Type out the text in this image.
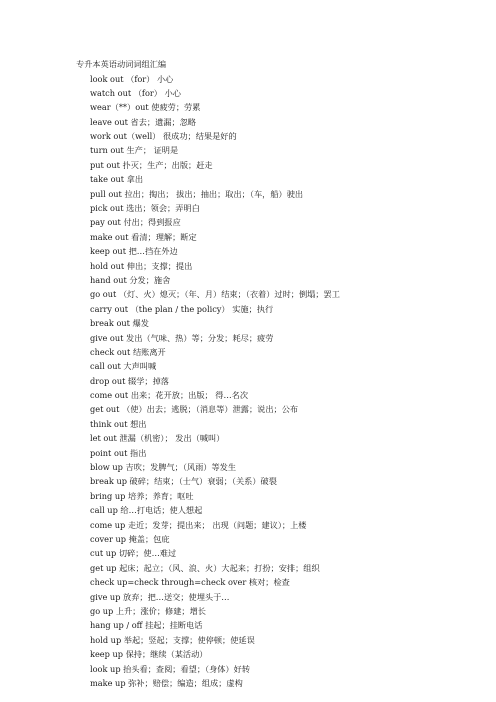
专升本英语动词词组汇编
look out （for） 小心
watch out （for） 小心
wear（**）out 使疲劳；劳累
leave out 省去；遗漏；忽略
work out（well） 很成功；结果是好的
turn out 生产； 证明是
put out 扑灭；生产；出版；赶走
take out 拿出
pull out 拉出；掏出； 拔出；抽出；取出；（车，船）驶出
pick out 选出；领会；弄明白
pay out 付出；得到报应
make out 看清；理解；断定
keep out 把…挡在外边
hold out 伸出；支撑；提出
hand out 分发；施舍
go out （灯、火）熄灭；（年、月）结束；（衣着）过时；倒塌；罢工
carry out （the plan / the policy） 实施；执行
break out 爆发
give out 发出（气味、热）等；分发；耗尽；疲劳
check out 结账离开
call out 大声叫喊
drop out 辍学；掉落
come out 出来；花开放；出版； 得…名次
get out （使）出去；逃脱；（消息等）泄露；说出；公布
think out 想出
let out 泄漏（机密）； 发出（喊叫）
point out 指出
blow up 吉吹；发脾气；（风雨）等发生
break up 破碎；结束；（士气）衰弱；（关系）破裂
bring up 培养；养育；呕吐
call up 给…打电话；使人想起
come up 走近；发芽；提出来； 出现（问题；建议）；上楼
cover up 掩盖；包庇
cut up 切碎；使…难过
get up 起床；起立；（风、浪、火）大起来；打扮；安排；组织
check up=check through=check over 核对；检查
give up 放弃；把…送交；使埋头于…
go up 上升；涨价；修建；增长
hang up / off 挂起；挂断电话
hold up 举起；竖起；支撑；使停顿；使延误
keep up 保持；继续（某活动）
look up 抬头看；查阅；看望；（身体）好转
make up 弥补；赔偿；编造；组成；虚构
